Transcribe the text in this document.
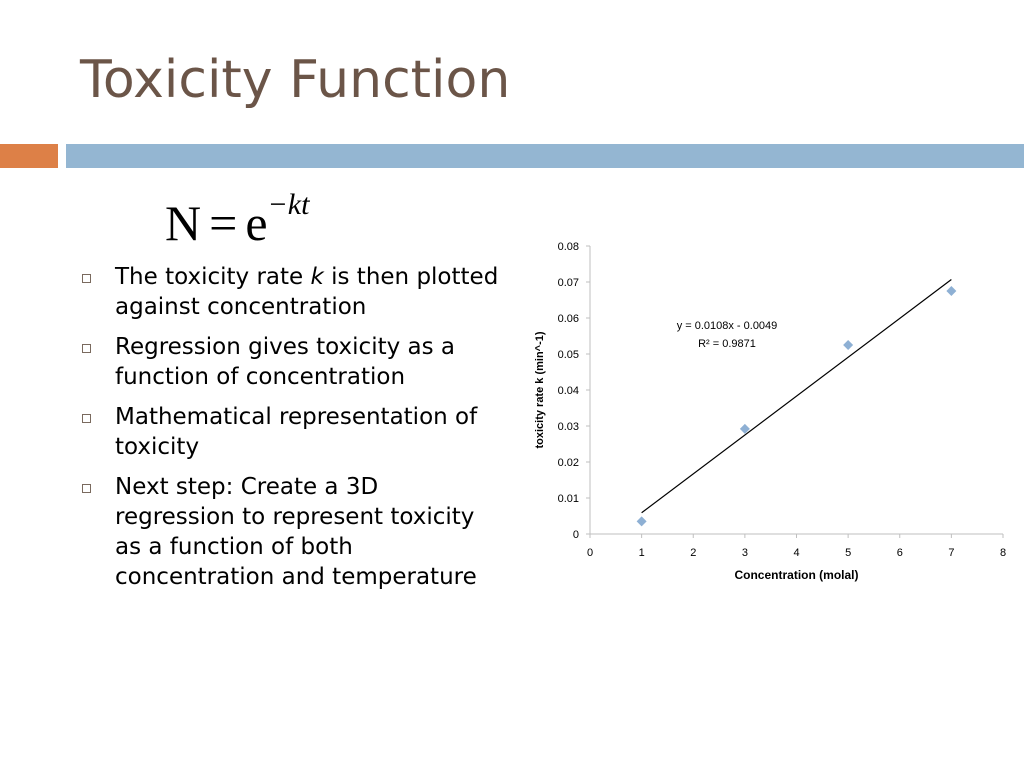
Toxicity Function
$N = e^{-kt}$
The toxicity rate k is then plotted against concentration
Regression gives toxicity as a function of concentration
Mathematical representation of toxicity
Next step: Create a 3D regression to represent toxicity as a function of both concentration and temperature
0
0.01
0.02
0.03
0.04
0.05
0.06
0.07
0.08
0	1	2	3	4	5	6	7	8
y = 0.0108x - 0.0049
R² = 0.9871
Concentration (molal)
toxicity rate k (min^-1)
